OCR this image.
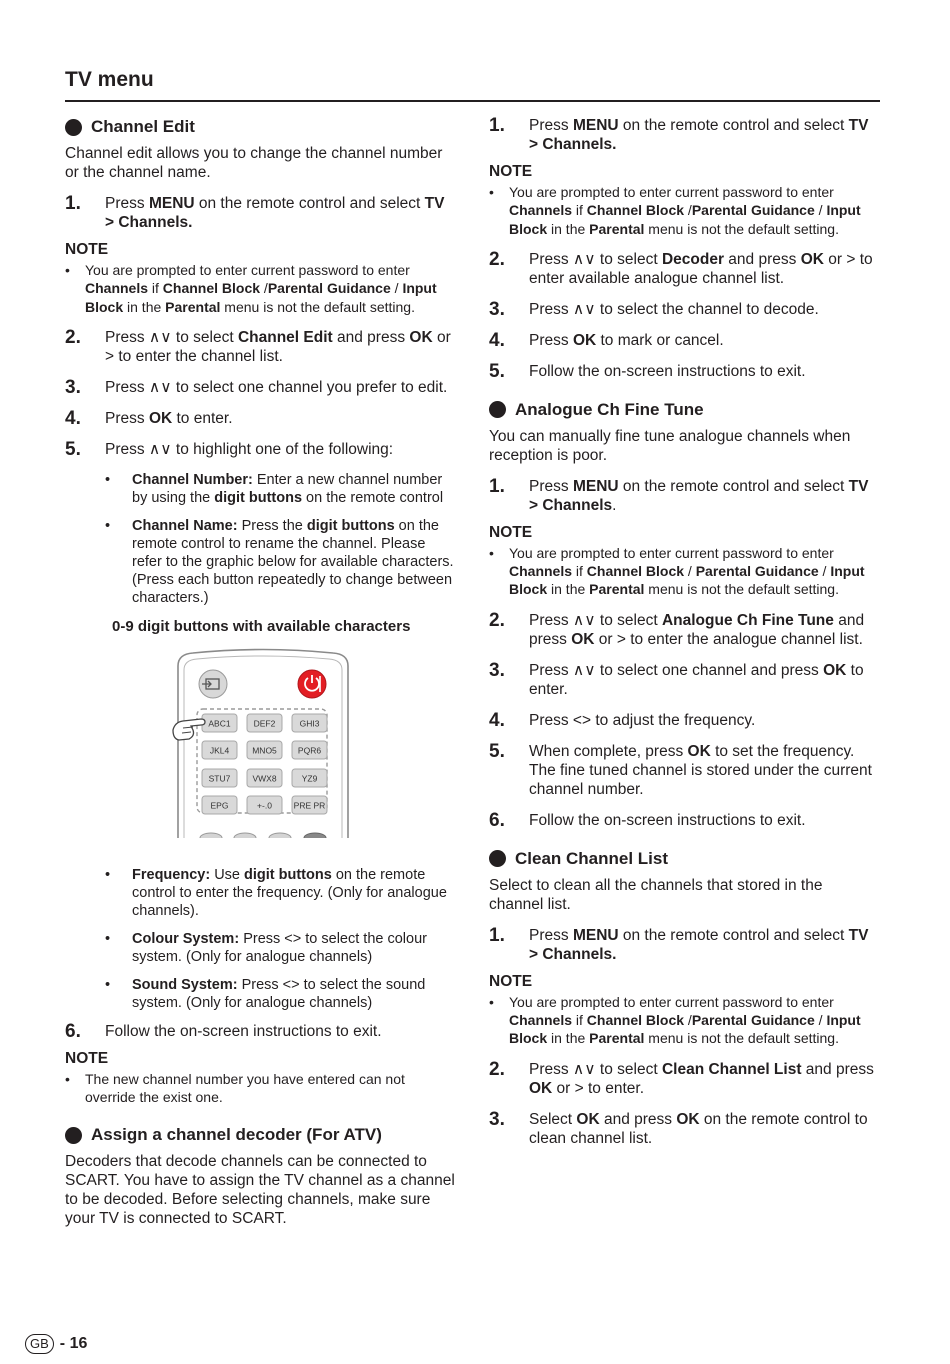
TV menu
Channel Edit

Channel edit allows you to change the channel number or the channel name.

1.	Press MENU on the remote control and select TV > Channels.
NOTE
•	You are prompted to enter current password to enter Channels if Channel Block /Parental Guidance / Input Block in the Parental menu is not the default setting.
2.	Press ∧∨ to select Channel Edit and press OK or > to enter the channel list.
3.	Press ∧∨ to select one channel you prefer to edit.
4.	Press OK to enter.
5.	Press ∧∨ to highlight one of the following:
•	Channel Number: Enter a new channel number by using the digit buttons on the remote control
•	Channel Name: Press the digit buttons on the remote control to rename the channel. Please refer to the graphic below for available characters. (Press each button repeatedly to change between characters.)
0-9 digit buttons with available characters
ABC1	DEF2	GHI3
JKL4	MNO5 PQR6
STU7	VWX8	YZ9
EPG	+-.0	PRE PR
•	Frequency: Use digit buttons on the remote control to enter the frequency. (Only for analogue channels).
•	Colour System: Press <> to select the colour system. (Only for analogue channels)
•	Sound System: Press <> to select the sound system. (Only for analogue channels)
6.	Follow the on-screen instructions to exit.
NOTE
•	The new channel number you have entered can not override the exist one.
Assign a channel decoder (For ATV)

Decoders that decode channels can be connected to SCART. You have to assign the TV channel as a channel to be decoded. Before selecting channels, make sure your TV is connected to SCART.

1.	Press MENU on the remote control and select TV > Channels.
NOTE
•	You are prompted to enter current password to enter Channels if Channel Block /Parental Guidance / Input Block in the Parental menu is not the default setting.
2.	Press ∧∨ to select Decoder and press OK or > to enter available analogue channel list.
3.	Press ∧∨ to select the channel to decode.
4.	Press OK to mark or cancel.
5.	Follow the on-screen instructions to exit.
Analogue Ch Fine Tune

You can manually fine tune analogue channels when reception is poor.

1.	Press MENU on the remote control and select TV > Channels.
NOTE
•	You are prompted to enter current password to enter Channels if Channel Block / Parental Guidance / Input Block in the Parental menu is not the default setting.
2.	Press ∧∨ to select Analogue Ch Fine Tune and press OK or > to enter the analogue channel list.
3.	Press ∧∨ to select one channel and press OK to enter.
4.	Press <> to adjust the frequency.
5.	When complete, press OK to set the frequency. The fine tuned channel is stored under the current channel number.
6.	Follow the on-screen instructions to exit.
Clean Channel List

Select to clean all the channels that stored in the channel list.

1.	Press MENU on the remote control and select TV > Channels.
NOTE
•	You are prompted to enter current password to enter Channels if Channel Block /Parental Guidance / Input Block in the Parental menu is not the default setting.
2.	Press ∧∨ to select Clean Channel List and press OK or > to enter.
3.	Select OK and press OK on the remote control to clean channel list.
GB - 16
